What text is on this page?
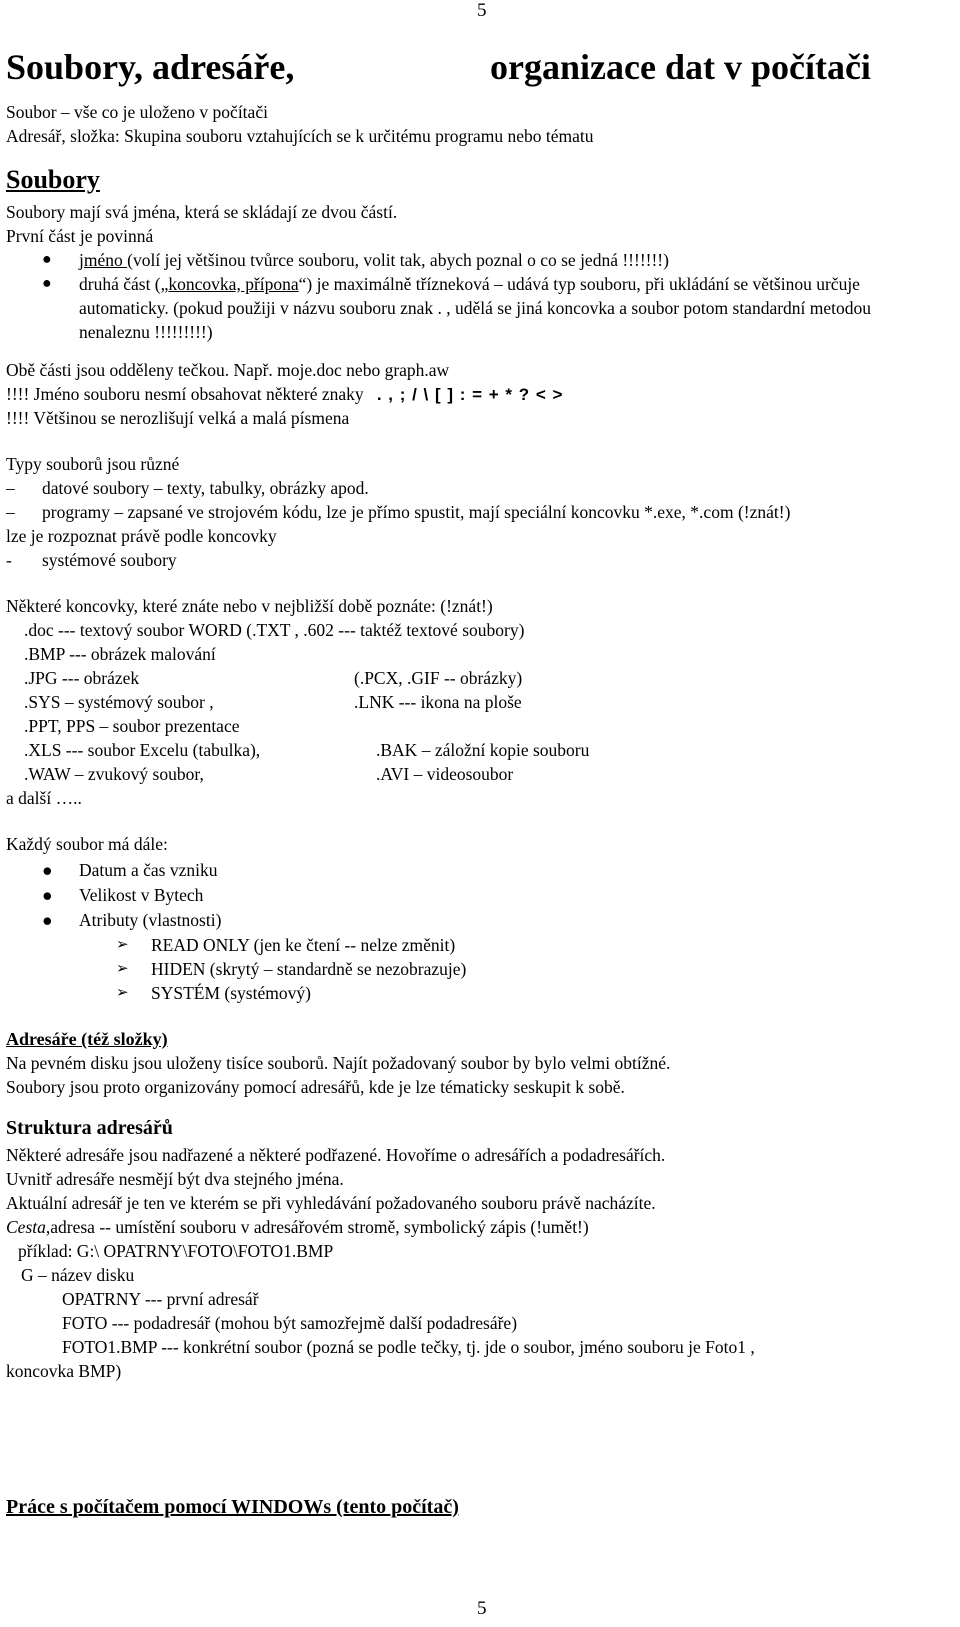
5
Soubory, adresáře,	organizace dat v počítači
Soubor – vše co je uloženo v počítači
Adresář, složka: Skupina souboru vztahujících se k určitému programu nebo tématu
Soubory
Soubory mají svá jména, která se skládají ze dvou částí.
První část je povinná
● jméno (volí jej většinou tvůrce souboru, volit tak, abych poznal o co se jedná !!!!!!!)
● druhá část („koncovka, přípona“) je maximálně třízneková – udává typ souboru, při ukládání se většinou určuje automaticky. (pokud použiji v názvu souboru znak . , udělá se jiná koncovka a soubor potom standardní metodou nenaleznu !!!!!!!!!)
Obě části jsou odděleny tečkou. Např. moje.doc nebo graph.aw
!!!! Jméno souboru nesmí obsahovat některé znaky . , ; / \ [ ] : = + * ? < >
!!!! Většinou se nerozlišují velká a malá písmena
Typy souborů jsou různé
– datové soubory – texty, tabulky, obrázky apod.
– programy – zapsané ve strojovém kódu, lze je přímo spustit, mají speciální koncovku *.exe, *.com (!znát!)
lze je rozpoznat právě podle koncovky
- systémové soubory
Některé koncovky, které znáte nebo v nejbližší době poznáte: (!znát!)
.doc --- textový soubor WORD (.TXT , .602 --- taktéž textové soubory)
.BMP --- obrázek malování
.JPG --- obrázek	(.PCX, .GIF -- obrázky)
.SYS – systémový soubor ,	.LNK --- ikona na ploše
.PPT, PPS – soubor prezentace
.XLS --- soubor Excelu (tabulka),	.BAK – záložní kopie souboru
.WAW – zvukový soubor,	.AVI – videosoubor
a další …..
Každý soubor má dále:
● Datum a čas vzniku
● Velikost v Bytech
● Atributy (vlastnosti)
➢ READ ONLY (jen ke čtení -- nelze změnit)
➢ HIDEN (skrytý – standardně se nezobrazuje)
➢ SYSTÉM (systémový)
Adresáře (též složky)
Na pevném disku jsou uloženy tisíce souborů. Najít požadovaný soubor by bylo velmi obtížné.
Soubory jsou proto organizovány pomocí adresářů, kde je lze tématicky seskupit k sobě.
Struktura adresářů
Některé adresáře jsou nadřazené a některé podřazené. Hovoříme o adresářích a podadresářích.
Uvnitř adresáře nesmějí být dva stejného jména.
Aktuální adresář je ten ve kterém se při vyhledávání požadovaného souboru právě nacházíte.
Cesta,adresa -- umístění souboru v adresářovém stromě, symbolický zápis (!umět!)
příklad: G:\ OPATRNY\FOTO\FOTO1.BMP
G – název disku
OPATRNY --- první adresář
FOTO --- podadresář (mohou být samozřejmě další podadresáře)
FOTO1.BMP --- konkrétní soubor (pozná se podle tečky, tj. jde o soubor, jméno souboru je Foto1 ,
koncovka BMP)
Práce s počítačem pomocí WINDOWs (tento počítač)
5
